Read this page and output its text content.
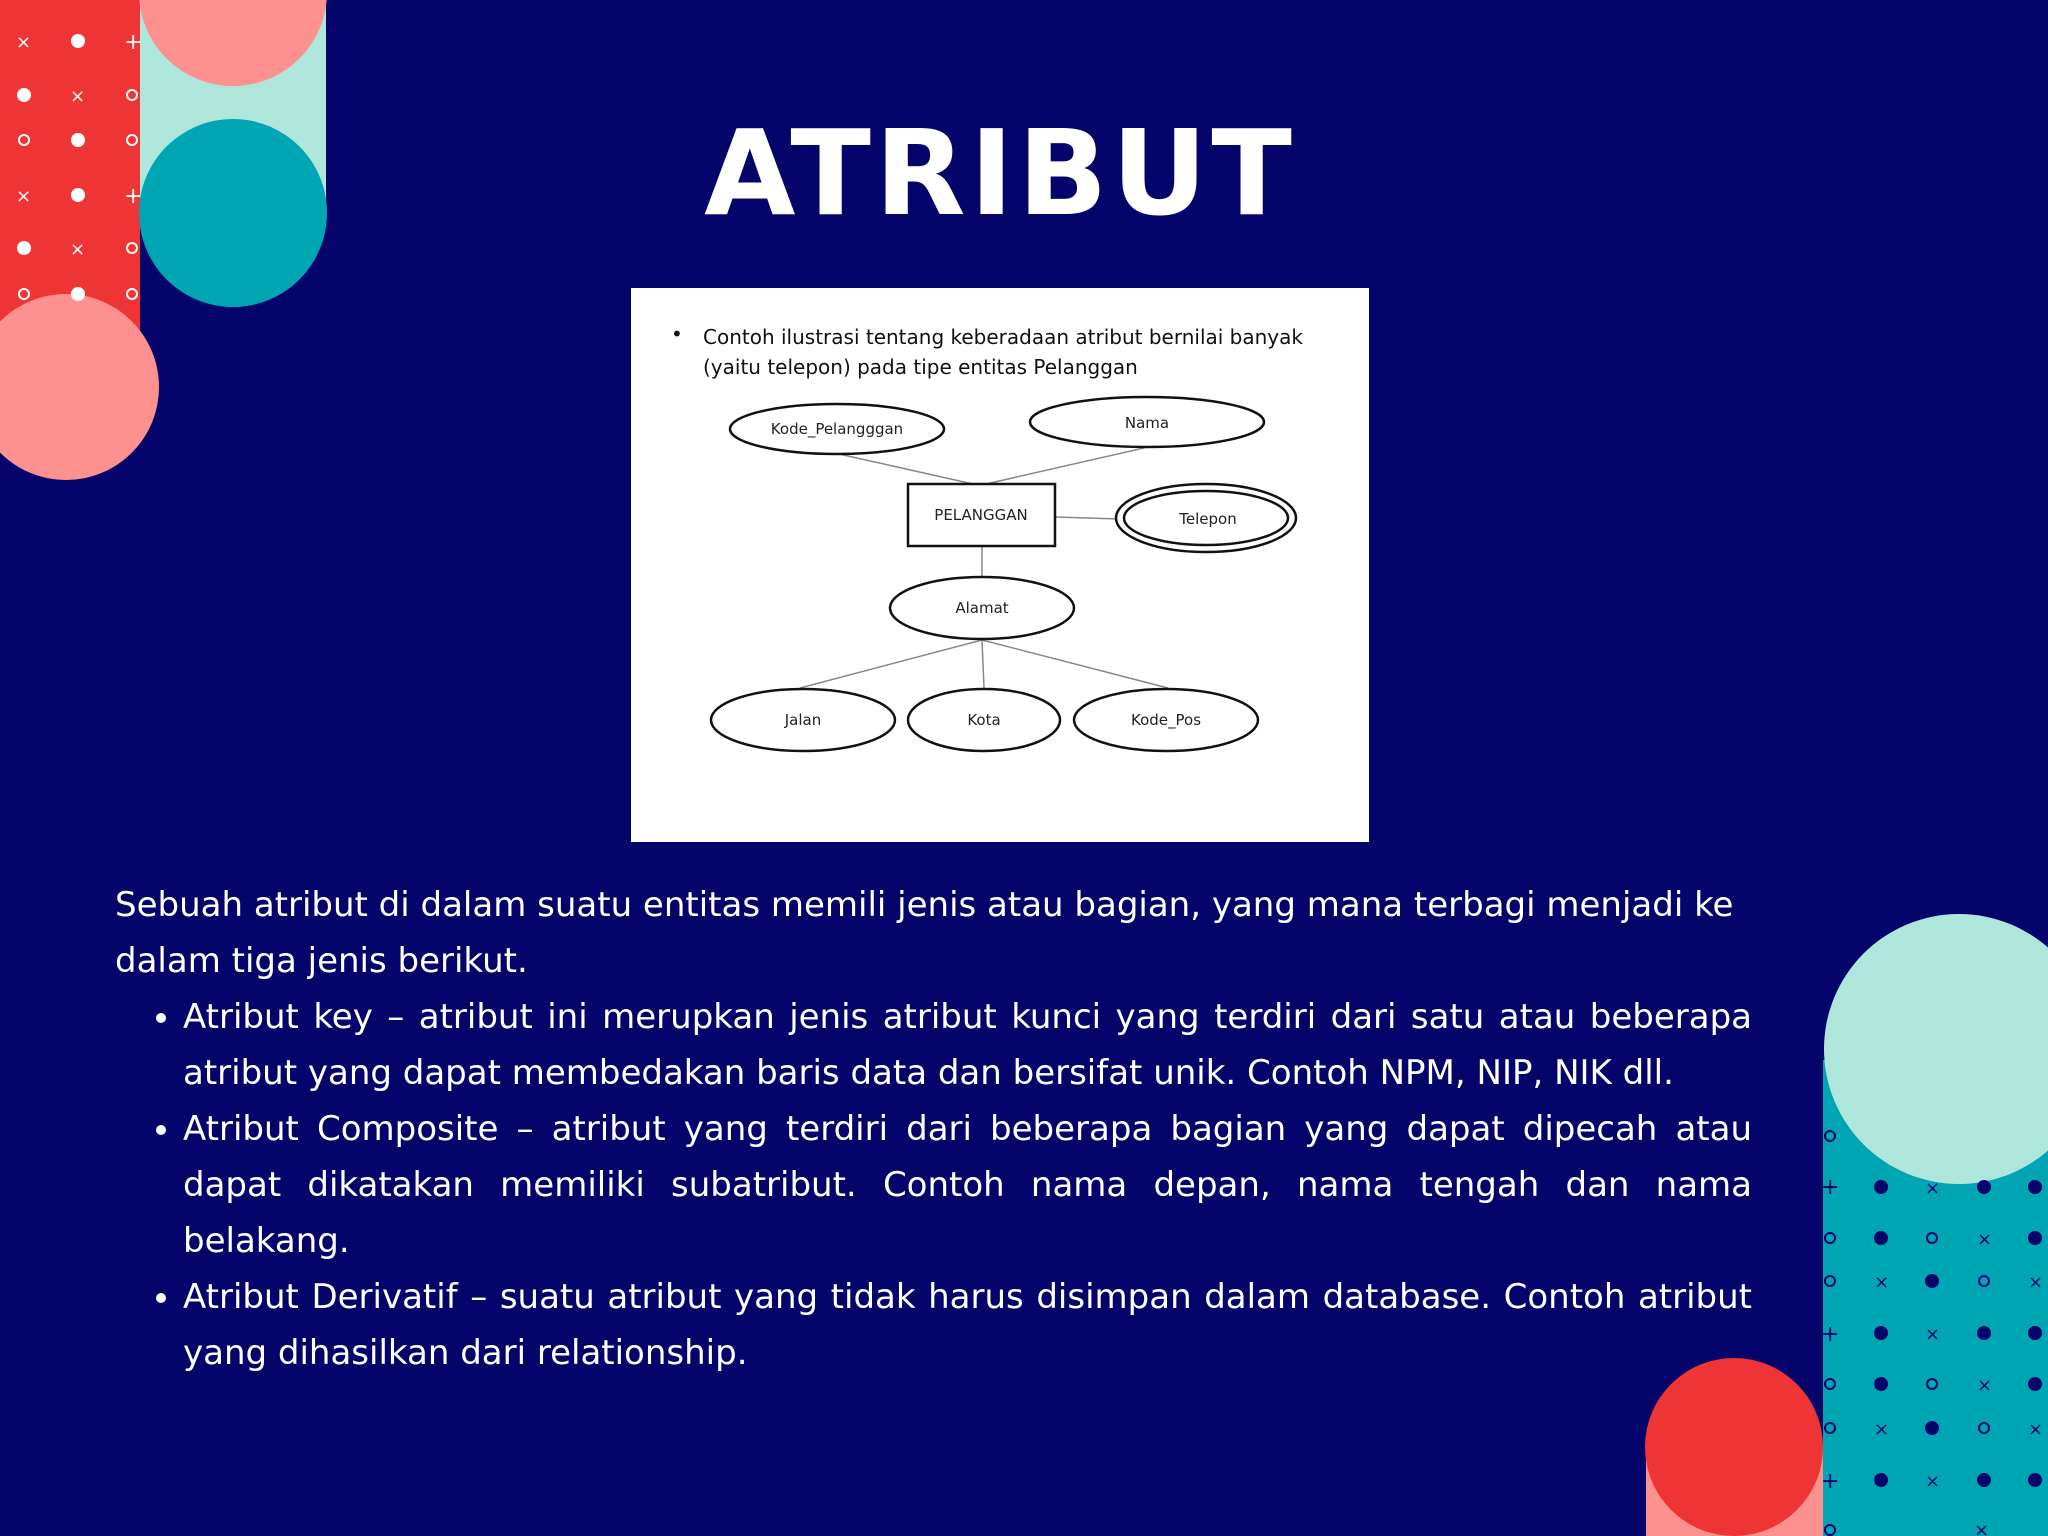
×	+
×
×	+
×
+	×
×
×	×
+	×
×
×	×
+	×
×
ATRIBUT
• Contoh ilustrasi tentang keberadaan atribut bernilai banyak (yaitu telepon) pada tipe entitas Pelanggan
Kode_Pelangggan	Nama
PELANGGAN	Telepon
Alamat
Jalan	Kota	Kode_Pos

Sebuah atribut di dalam suatu entitas memili jenis atau bagian, yang mana terbagi menjadi ke dalam tiga jenis berikut.

• Atribut key – atribut ini merupkan jenis atribut kunci yang terdiri dari satu atau beberapa atribut yang dapat membedakan baris data dan bersifat unik. Contoh NPM, NIP, NIK dll.
• Atribut Composite – atribut yang terdiri dari beberapa bagian yang dapat dipecah atau dapat dikatakan memiliki subatribut. Contoh nama depan, nama tengah dan nama belakang.
• Atribut Derivatif – suatu atribut yang tidak harus disimpan dalam database. Contoh atribut yang dihasilkan dari relationship.
